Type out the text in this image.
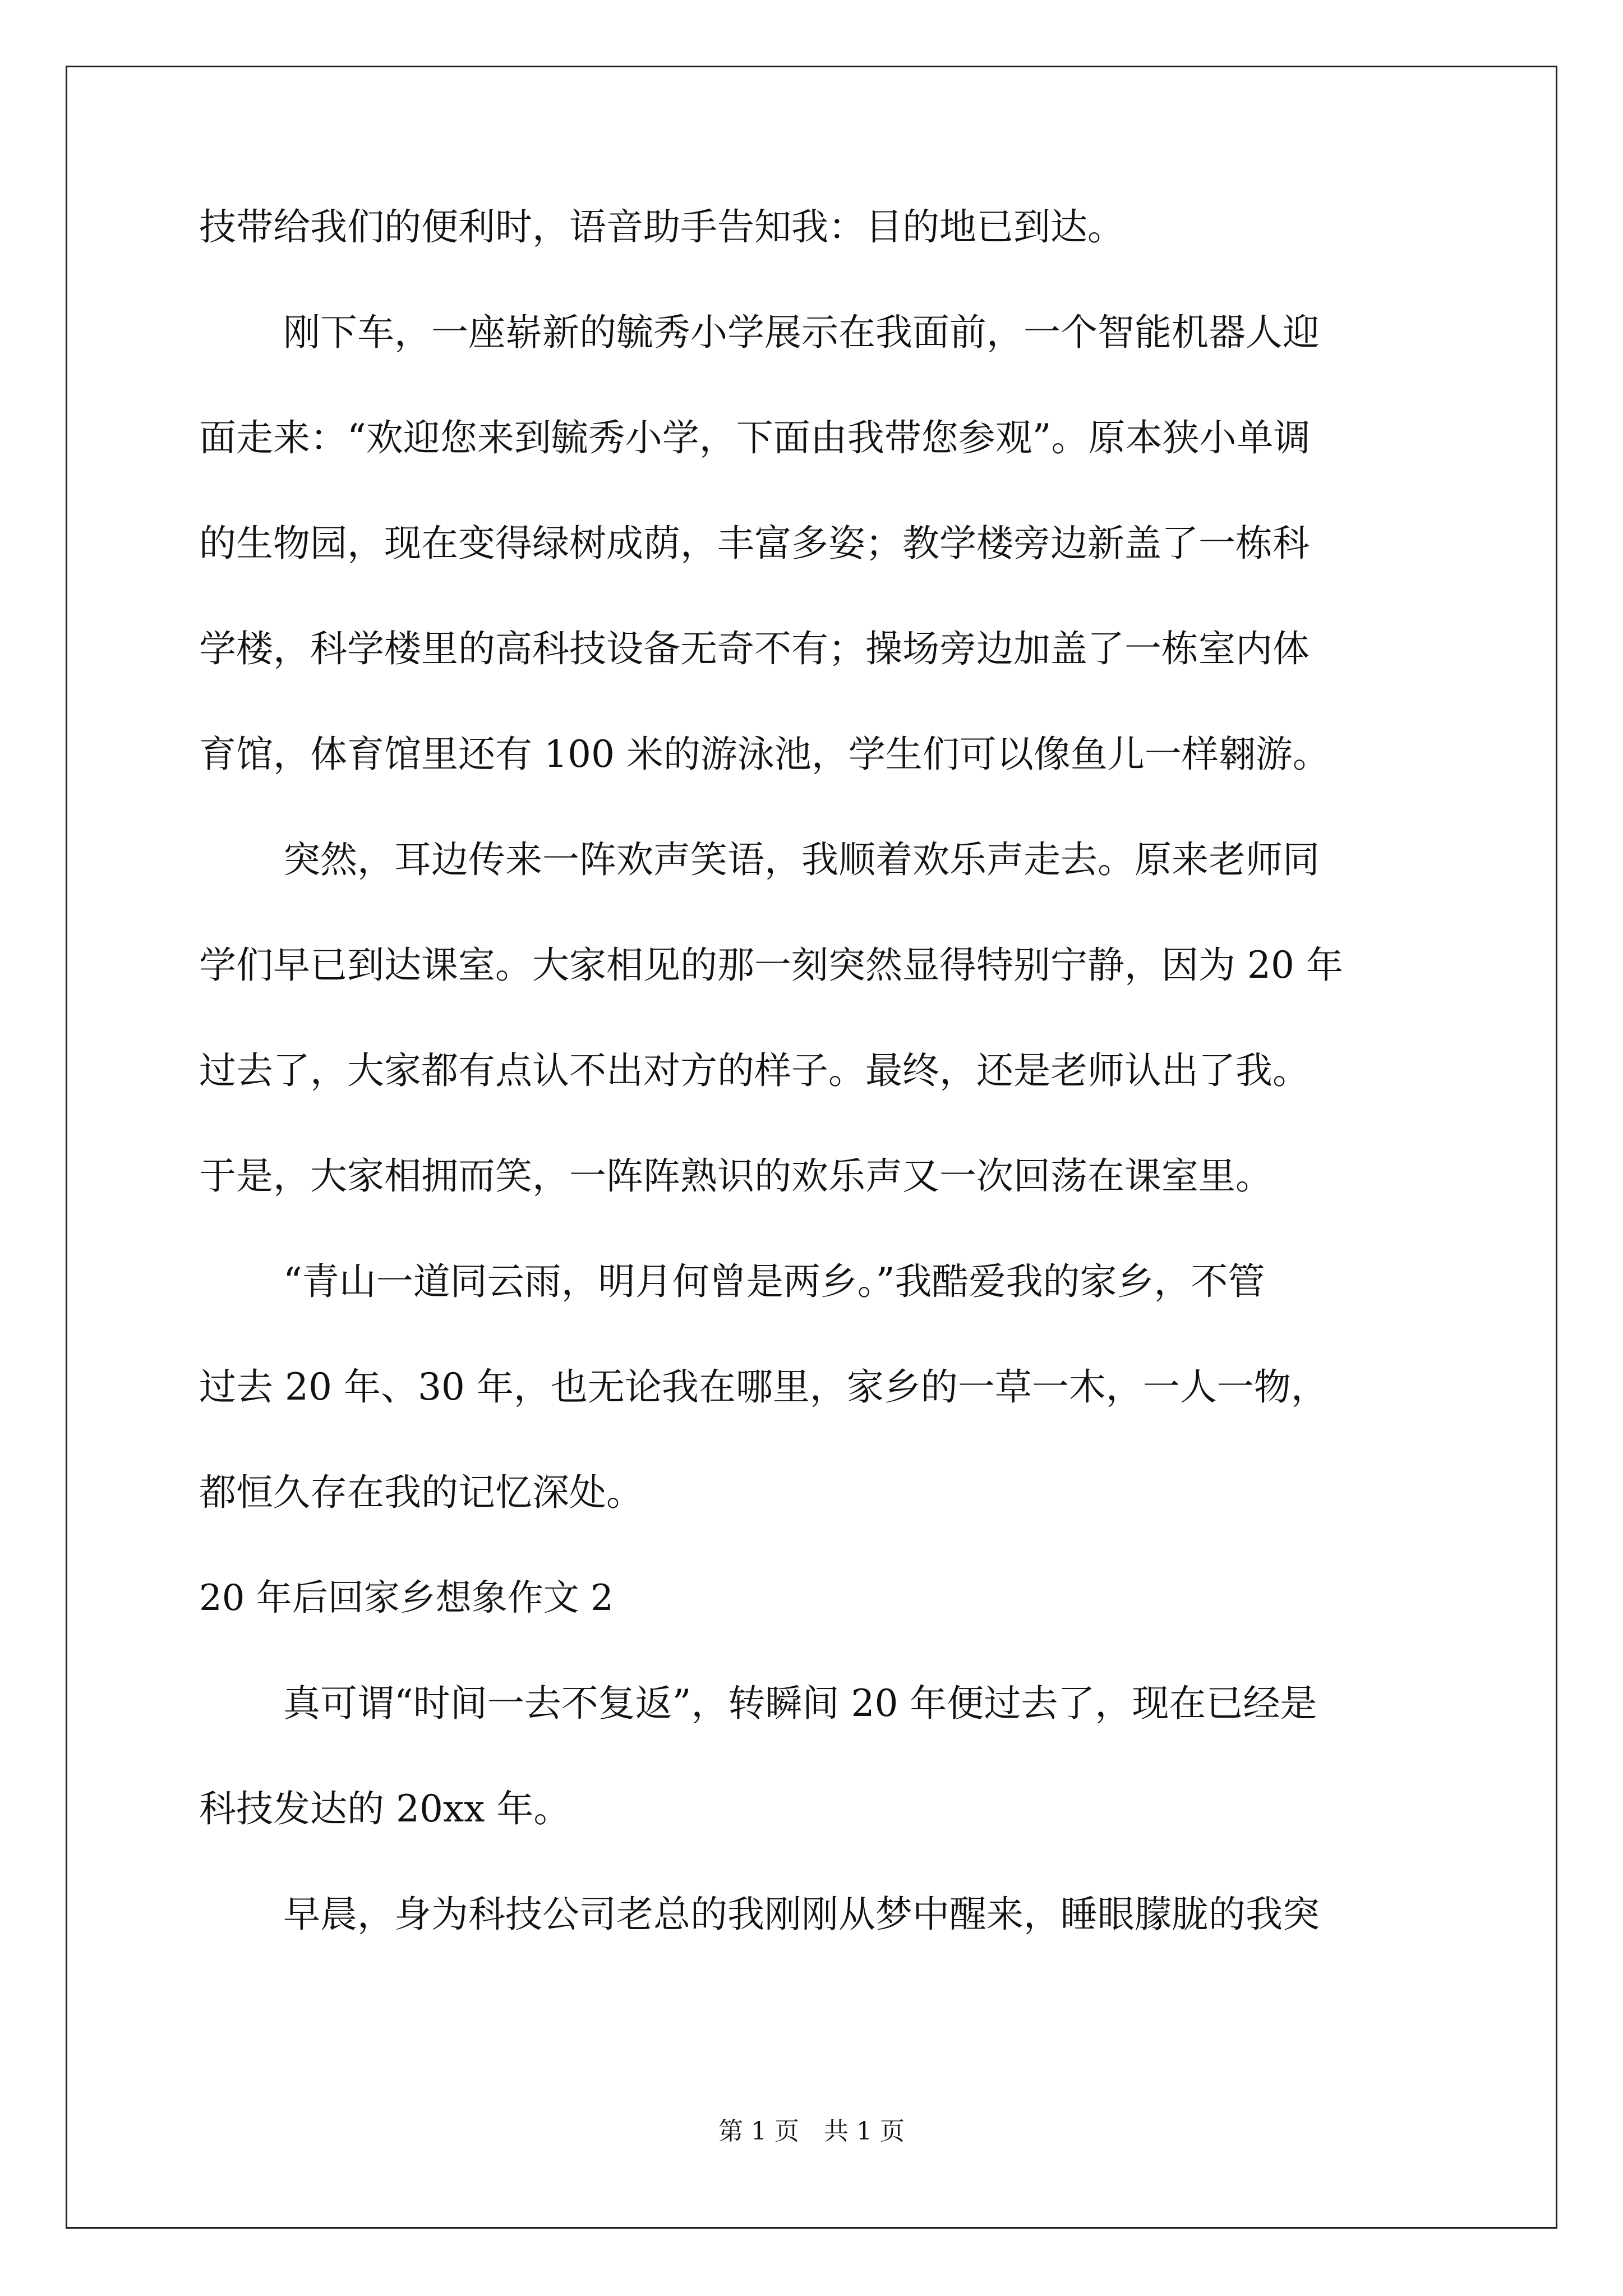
技带给我们的便利时，语音助手告知我：目的地已到达。
刚下车，一座崭新的毓秀小学展示在我面前，一个智能机器人迎
面走来：“欢迎您来到毓秀小学，下面由我带您参观”。原本狭小单调
的生物园，现在变得绿树成荫，丰富多姿；教学楼旁边新盖了一栋科
学楼，科学楼里的高科技设备无奇不有；操场旁边加盖了一栋室内体
育馆，体育馆里还有 100 米的游泳池，学生们可以像鱼儿一样翱游。
突然，耳边传来一阵欢声笑语，我顺着欢乐声走去。原来老师同
学们早已到达课室。大家相见的那一刻突然显得特别宁静，因为 20 年
过去了，大家都有点认不出对方的样子。最终，还是老师认出了我。
于是，大家相拥而笑，一阵阵熟识的欢乐声又一次回荡在课室里。
“青山一道同云雨，明月何曾是两乡。”我酷爱我的家乡，不管
过去 20 年、30 年，也无论我在哪里，家乡的一草一木，一人一物，
都恒久存在我的记忆深处。
20 年后回家乡想象作文 2
真可谓“时间一去不复返”，转瞬间 20 年便过去了，现在已经是
科技发达的 20xx 年。
早晨，身为科技公司老总的我刚刚从梦中醒来，睡眼朦胧的我突
第 1 页　共 1 页
